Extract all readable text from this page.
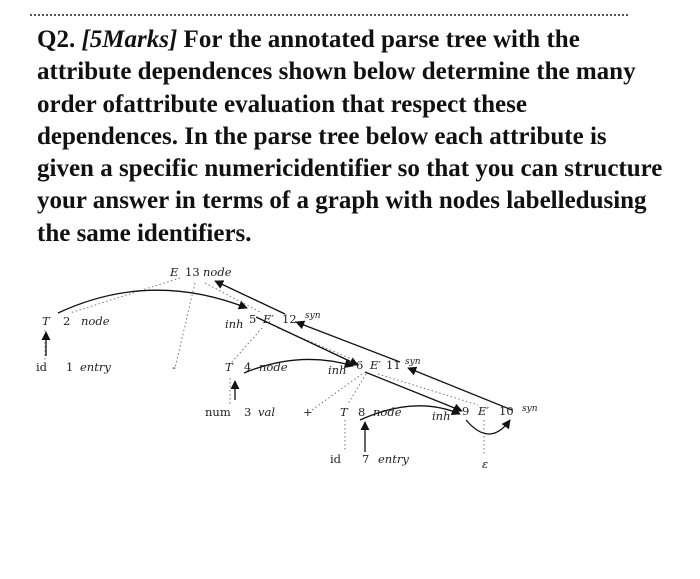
Q2. [5Marks] For the annotated parse tree with the attribute dependences shown below determine the many order ofattribute evaluation that respect these dependences. In the parse tree below each attribute is given a specific numericidentifier so that you can structure your answer in terms of a graph with nodes labelledusing the same identifiers.
E 13 node
T 2 node
id 1 entry	-
inh 5 E′ 12 syn
T 4 node
num 3 val +
inh 6 E′ 11 syn
T 8 node
id 7 entry
inh 9 E′ 10 syn
ε
